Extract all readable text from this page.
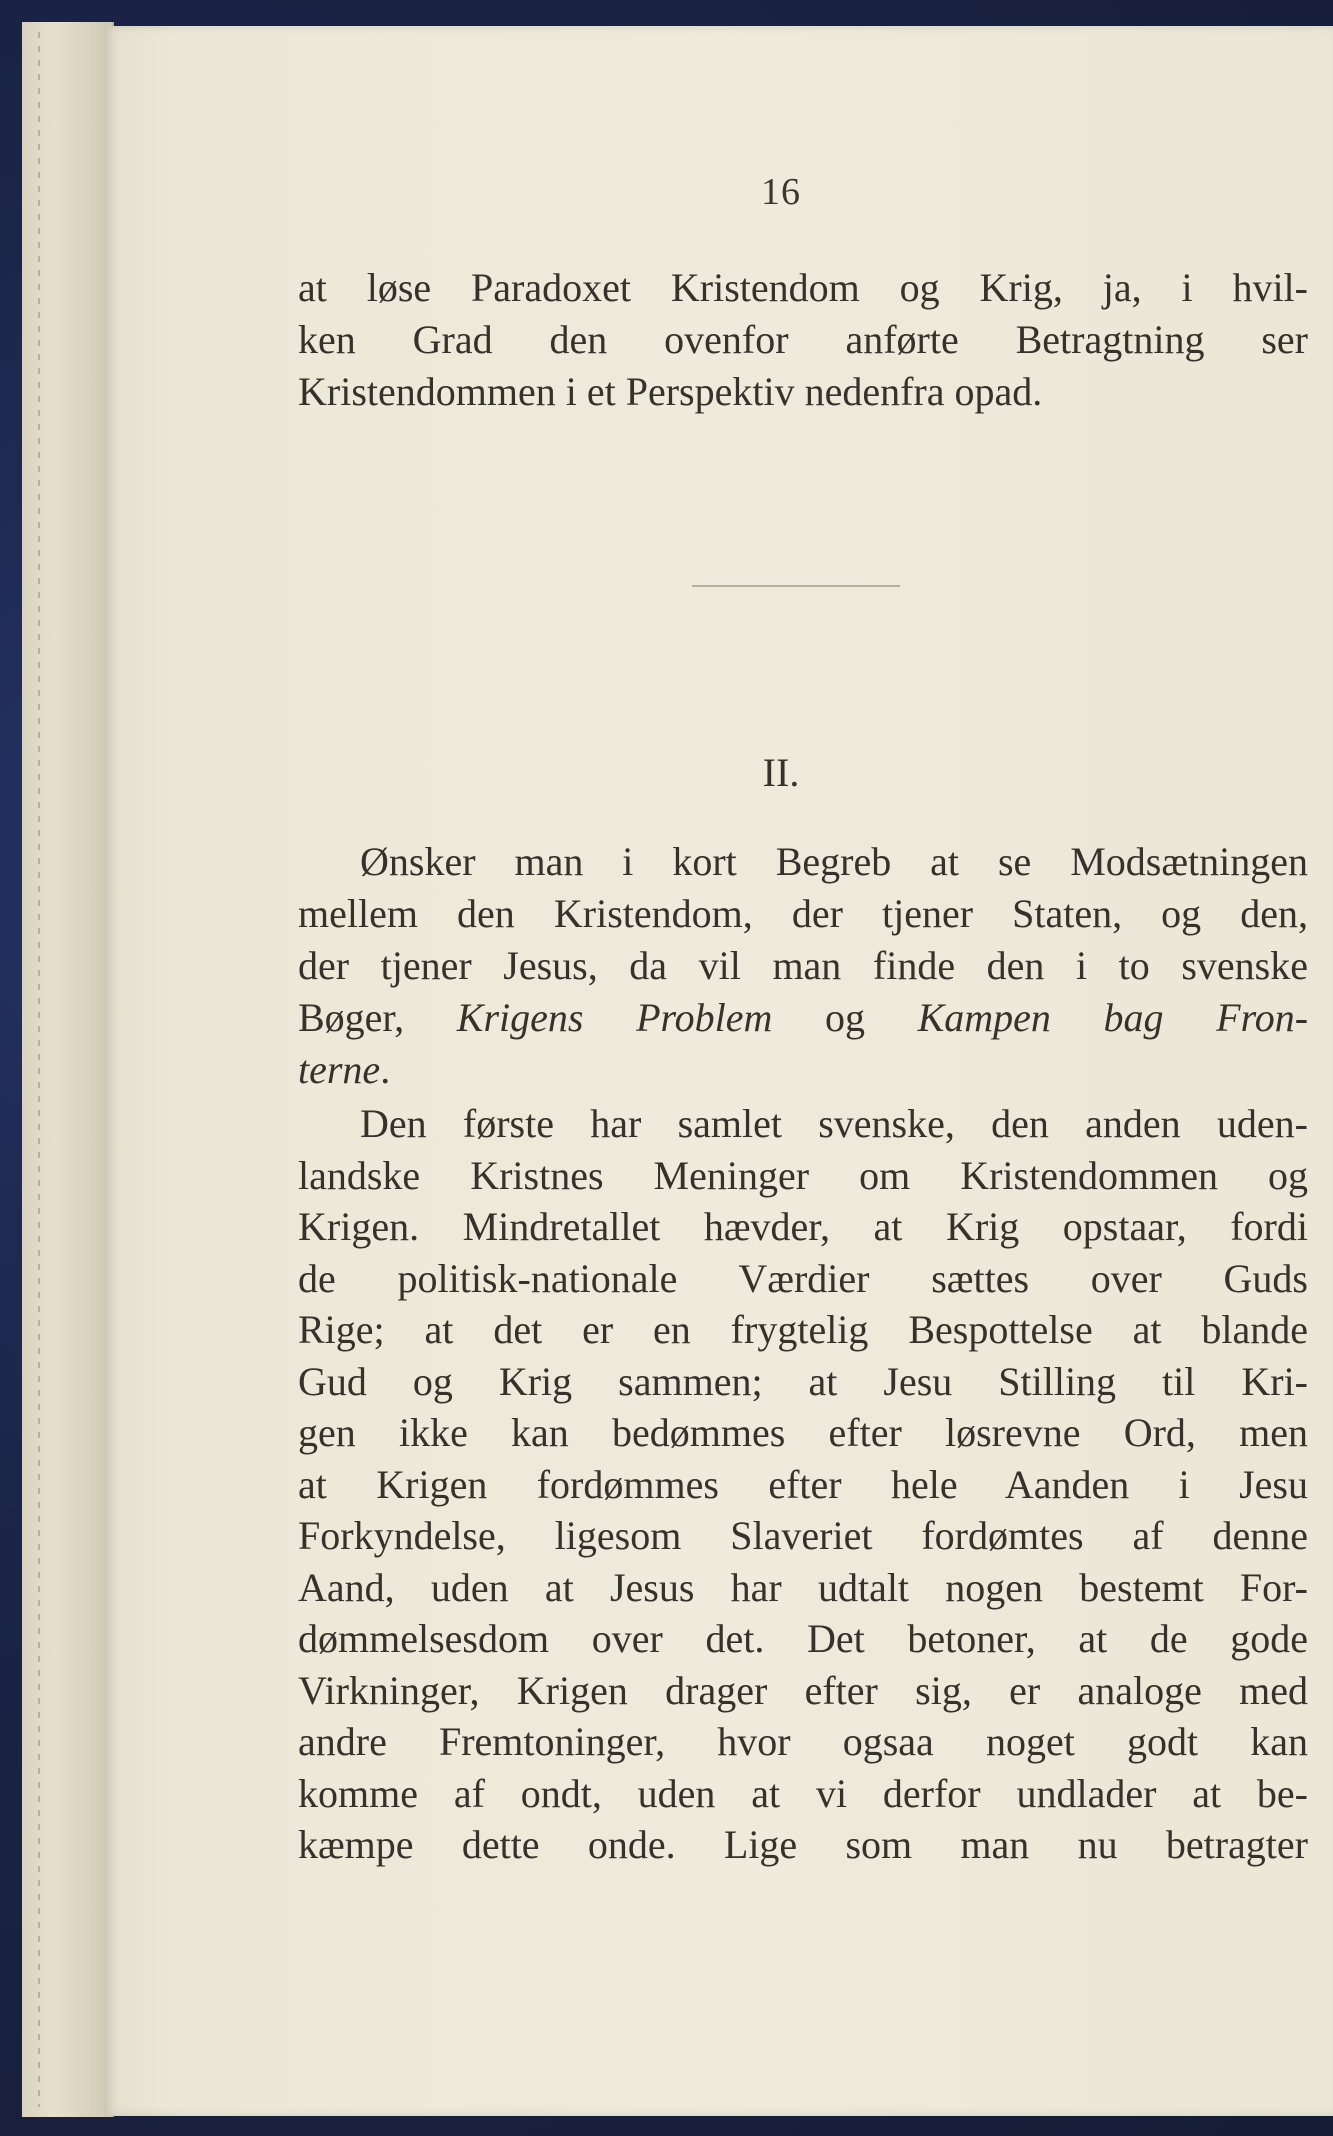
16
at løse Paradoxet Kristendom og Krig, ja, i hvil-
ken Grad den ovenfor anførte Betragtning ser
Kristendommen i et Perspektiv nedenfra opad.
II.
Ønsker man i kort Begreb at se Modsætningen
mellem den Kristendom, der tjener Staten, og den,
der tjener Jesus, da vil man finde den i to svenske
Bøger, Krigens Problem og Kampen bag Fron-
terne.
Den første har samlet svenske, den anden uden-
landske Kristnes Meninger om Kristendommen og
Krigen. Mindretallet hævder, at Krig opstaar, fordi
de politisk-nationale Værdier sættes over Guds
Rige; at det er en frygtelig Bespottelse at blande
Gud og Krig sammen; at Jesu Stilling til Kri-
gen ikke kan bedømmes efter løsrevne Ord, men
at Krigen fordømmes efter hele Aanden i Jesu
Forkyndelse, ligesom Slaveriet fordømtes af denne
Aand, uden at Jesus har udtalt nogen bestemt For-
dømmelsesdom over det. Det betoner, at de gode
Virkninger, Krigen drager efter sig, er analoge med
andre Fremtoninger, hvor ogsaa noget godt kan
komme af ondt, uden at vi derfor undlader at be-
kæmpe dette onde. Lige som man nu betragter
